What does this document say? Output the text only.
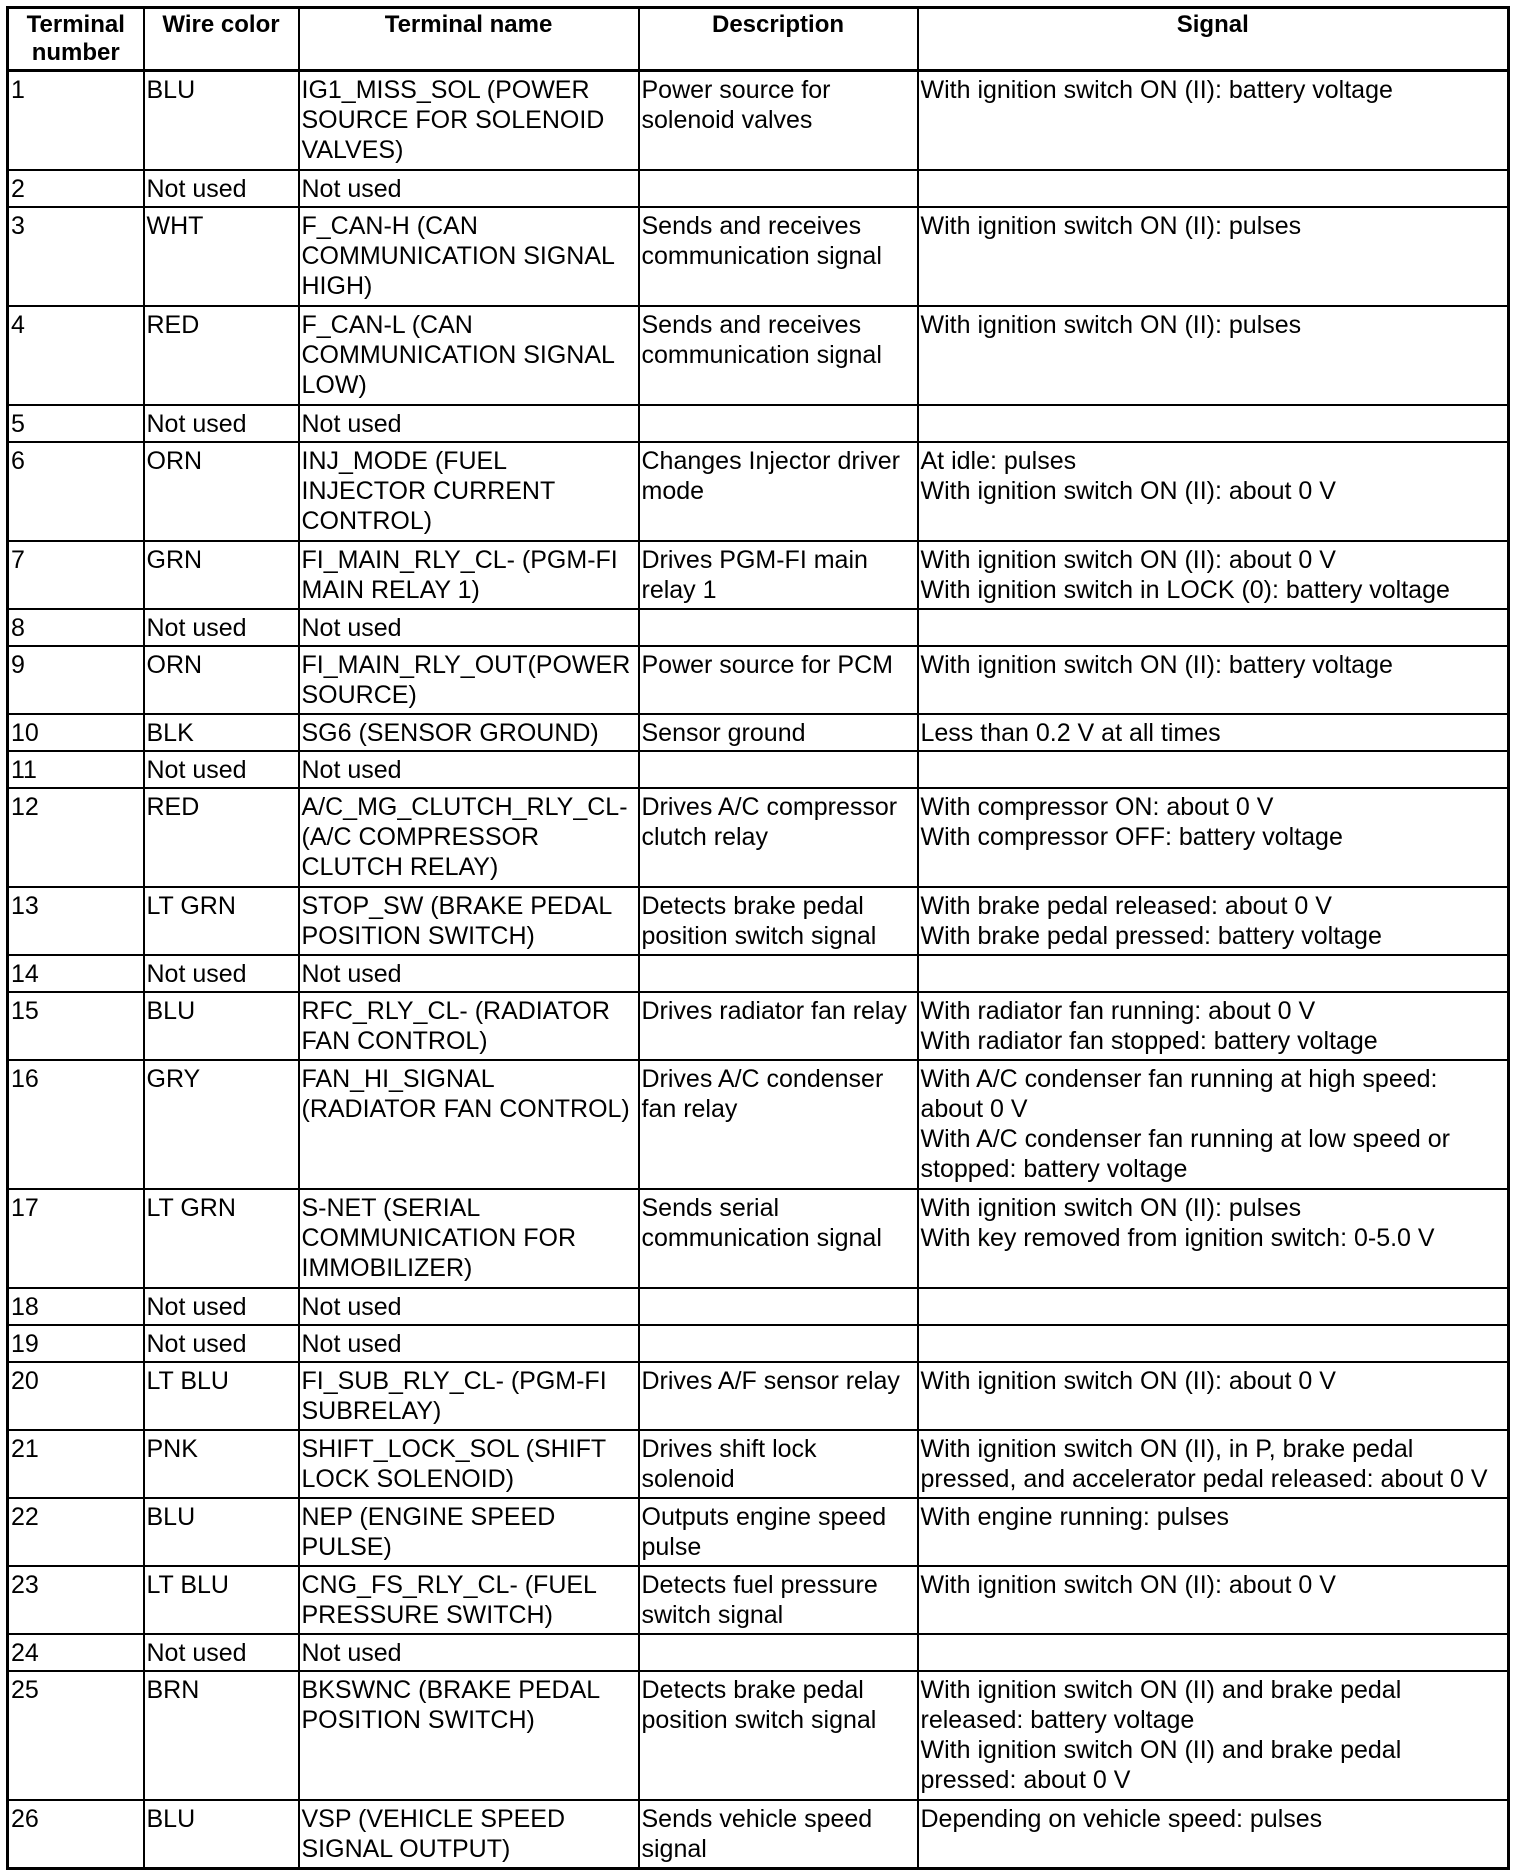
Terminal number	Wire color	Terminal name	Description	Signal
1	BLU	IG1_MISS_SOL (POWER SOURCE FOR SOLENOID VALVES)	Power source for solenoid valves	With ignition switch ON (II): battery voltage
2	Not used	Not used		
3	WHT	F_CAN-H (CAN COMMUNICATION SIGNAL HIGH)	Sends and receives communication signal	With ignition switch ON (II): pulses
4	RED	F_CAN-L (CAN COMMUNICATION SIGNAL LOW)	Sends and receives communication signal	With ignition switch ON (II): pulses
5	Not used	Not used		
6	ORN	INJ_MODE (FUEL INJECTOR CURRENT CONTROL)	Changes Injector driver mode	At idle: pulses
With ignition switch ON (II): about 0 V
7	GRN	FI_MAIN_RLY_CL- (PGM-FI MAIN RELAY 1)	Drives PGM-FI main relay 1	With ignition switch ON (II): about 0 V
With ignition switch in LOCK (0): battery voltage
8	Not used	Not used		
9	ORN	FI_MAIN_RLY_OUT(POWER SOURCE)	Power source for PCM	With ignition switch ON (II): battery voltage
10	BLK	SG6 (SENSOR GROUND)	Sensor ground	Less than 0.2 V at all times
11	Not used	Not used		
12	RED	A/C_MG_CLUTCH_RLY_CL- (A/C COMPRESSOR CLUTCH RELAY)	Drives A/C compressor clutch relay	With compressor ON: about 0 V
With compressor OFF: battery voltage
13	LT GRN	STOP_SW (BRAKE PEDAL POSITION SWITCH)	Detects brake pedal position switch signal	With brake pedal released: about 0 V
With brake pedal pressed: battery voltage
14	Not used	Not used		
15	BLU	RFC_RLY_CL- (RADIATOR FAN CONTROL)	Drives radiator fan relay	With radiator fan running: about 0 V
With radiator fan stopped: battery voltage
16	GRY	FAN_HI_SIGNAL (RADIATOR FAN CONTROL)	Drives A/C condenser fan relay	With A/C condenser fan running at high speed: about 0 V
With A/C condenser fan running at low speed or stopped: battery voltage
17	LT GRN	S-NET (SERIAL COMMUNICATION FOR IMMOBILIZER)	Sends serial communication signal	With ignition switch ON (II): pulses
With key removed from ignition switch: 0-5.0 V
18	Not used	Not used		
19	Not used	Not used		
20	LT BLU	FI_SUB_RLY_CL- (PGM-FI SUBRELAY)	Drives A/F sensor relay	With ignition switch ON (II): about 0 V
21	PNK	SHIFT_LOCK_SOL (SHIFT LOCK SOLENOID)	Drives shift lock solenoid	With ignition switch ON (II), in P, brake pedal pressed, and accelerator pedal released: about 0 V
22	BLU	NEP (ENGINE SPEED PULSE)	Outputs engine speed pulse	With engine running: pulses
23	LT BLU	CNG_FS_RLY_CL- (FUEL PRESSURE SWITCH)	Detects fuel pressure switch signal	With ignition switch ON (II): about 0 V
24	Not used	Not used		
25	BRN	BKSWNC (BRAKE PEDAL POSITION SWITCH)	Detects brake pedal position switch signal	With ignition switch ON (II) and brake pedal released: battery voltage
With ignition switch ON (II) and brake pedal pressed: about 0 V
26	BLU	VSP (VEHICLE SPEED SIGNAL OUTPUT)	Sends vehicle speed signal	Depending on vehicle speed: pulses
